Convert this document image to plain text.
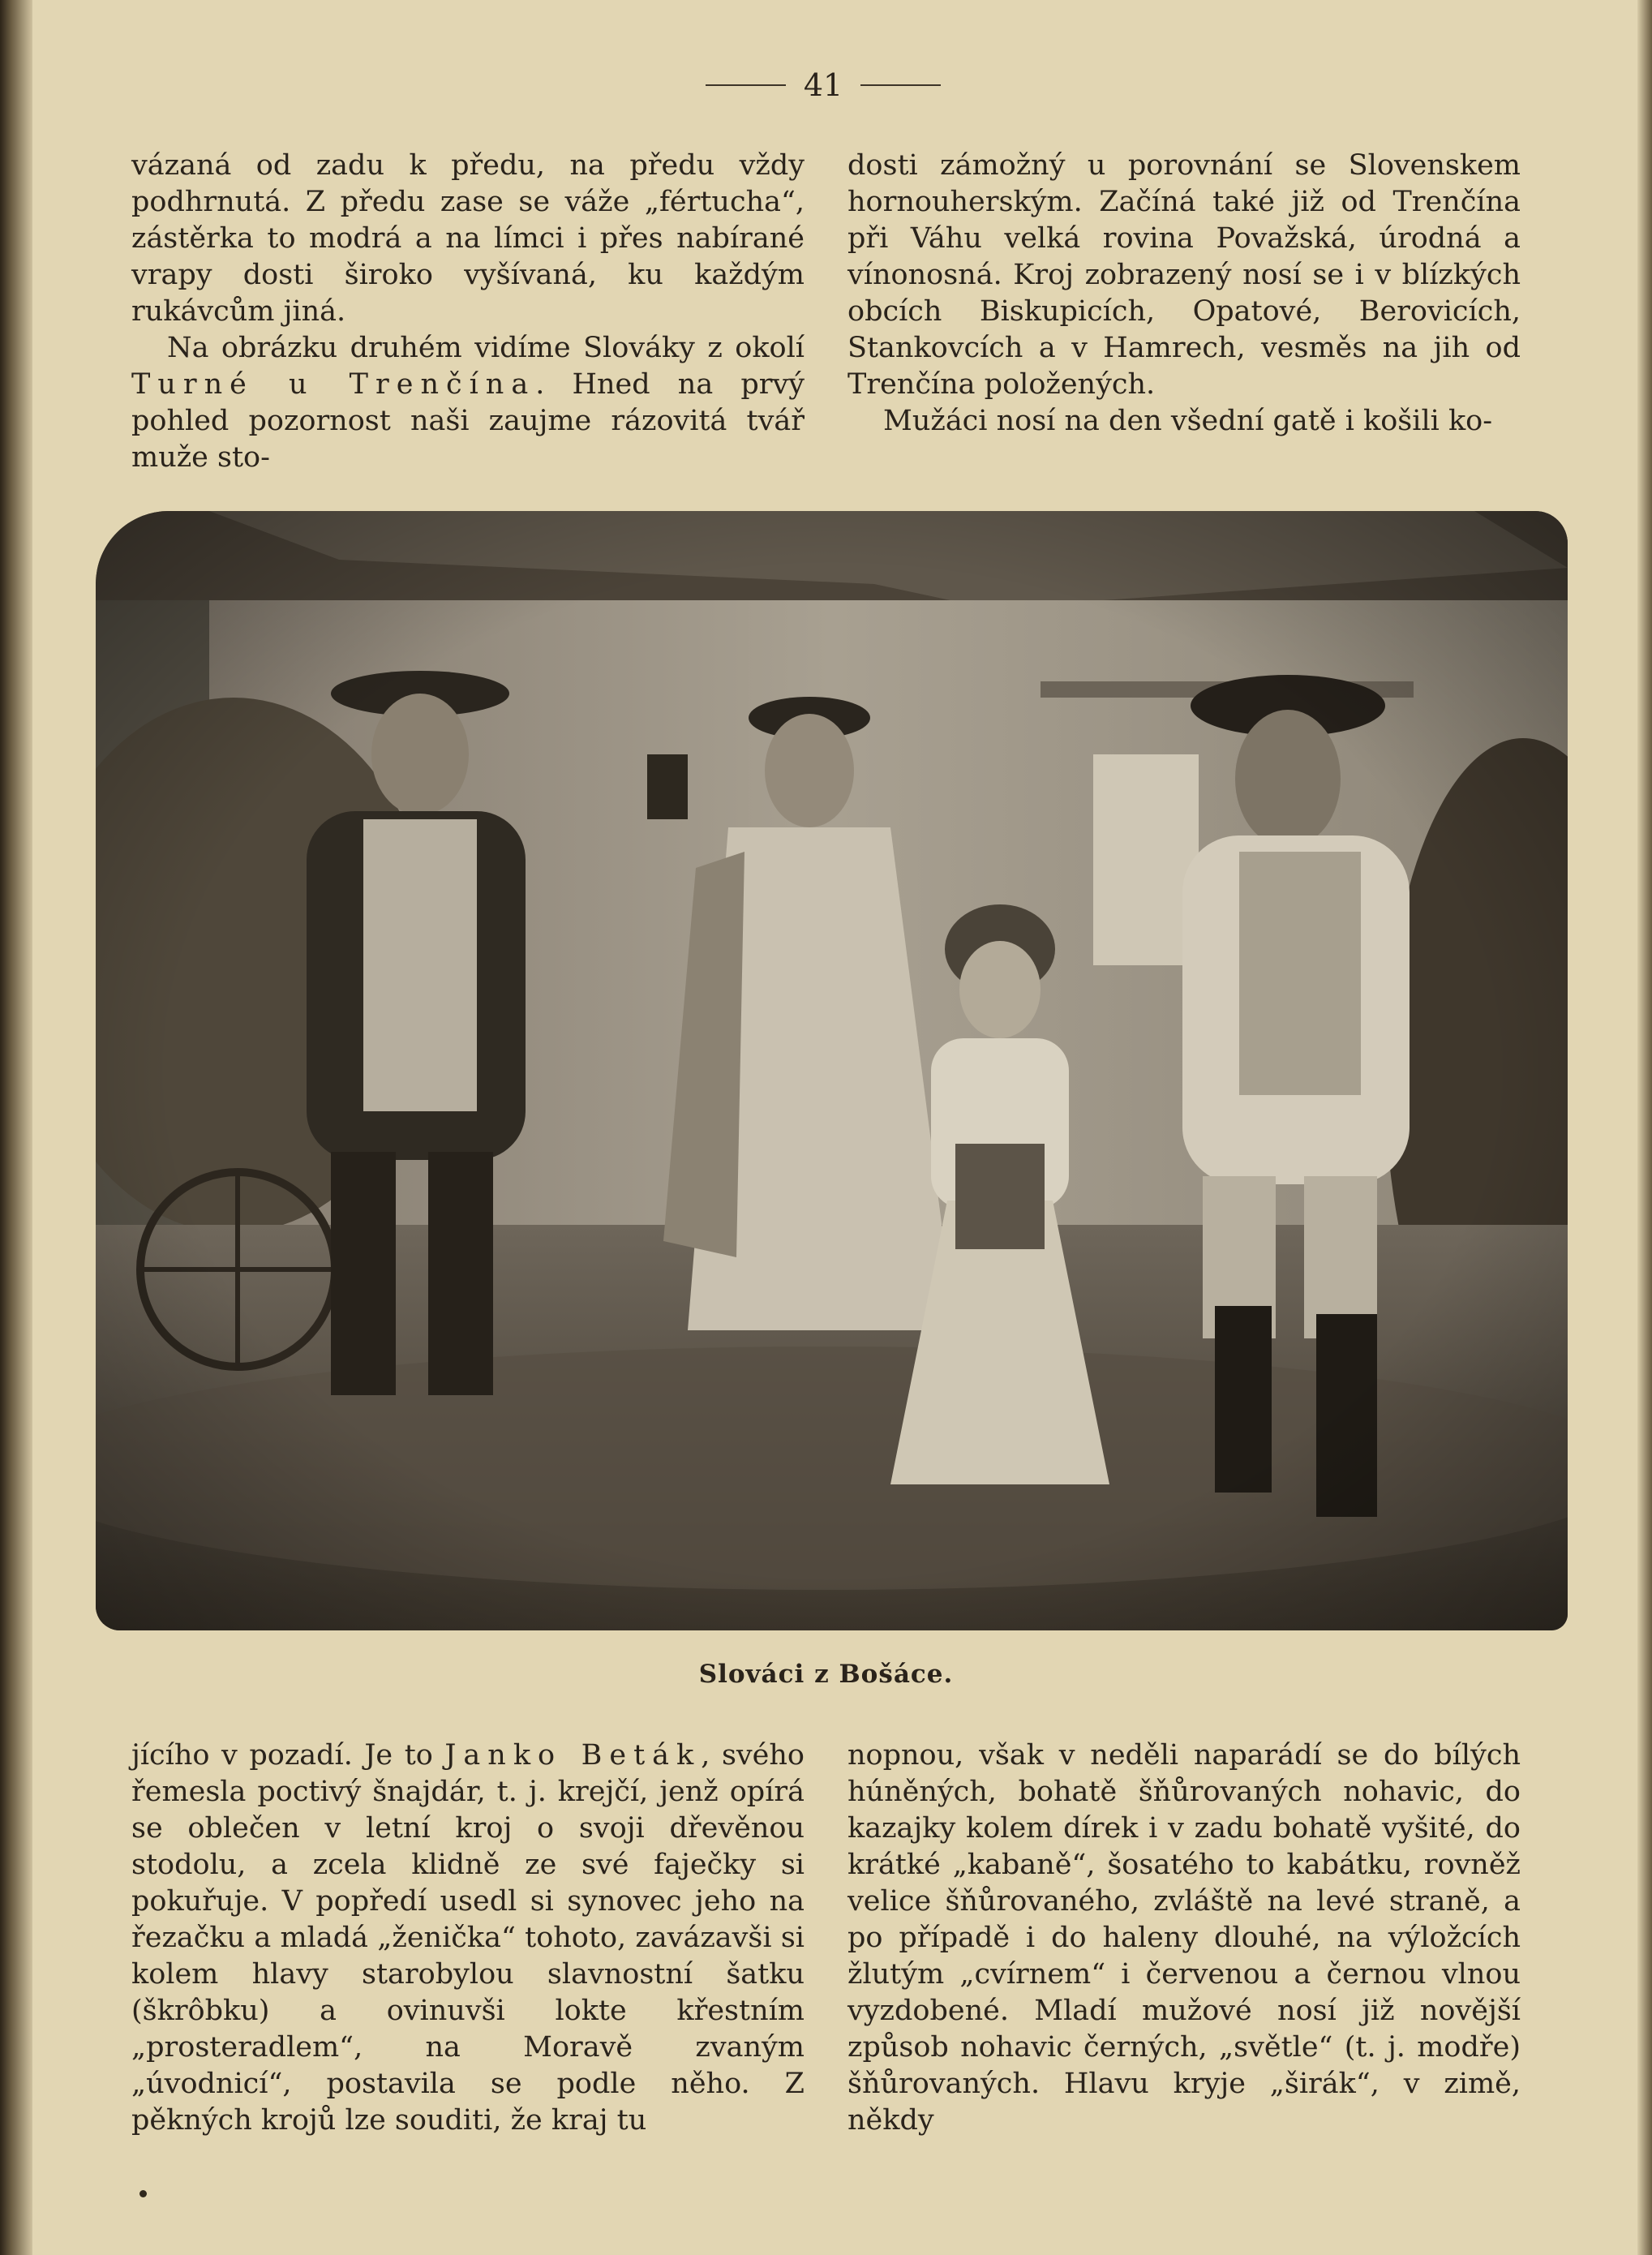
41

vázaná od zadu k předu, na předu vždy podhrnutá. Z předu zase se váže „fértucha“, zástěrka to modrá a na límci i přes nabírané vrapy dosti široko vyšívaná, ku každým rukávcům jiná.

Na obrázku druhém vidíme Slováky z okolí Turné u Trenčína. Hned na prvý pohled pozornost naši zaujme rázovitá tvář muže sto-

dosti zámožný u porovnání se Slovenskem hornouherským. Začíná také již od Trenčína při Váhu velká rovina Považská, úrodná a vínonosná. Kroj zobrazený nosí se i v blízkých obcích Biskupicích, Opatové, Berovicích, Stankovcích a v Hamrech, vesměs na jih od Trenčína položených.

Mužáci nosí na den všední gatě i košili ko-

Slováci z Bošáce.

jícího v pozadí. Je to Janko Beták, svého řemesla poctivý šnajdár, t. j. krejčí, jenž opírá se oblečen v letní kroj o svoji dřevěnou stodolu, a zcela klidně ze své faječky si pokuřuje. V popředí usedl si synovec jeho na řezačku a mladá „ženička“ tohoto, zavázavši si kolem hlavy starobylou slavnostní šatku (škrôbku) a ovinuvši lokte křestním „prosteradlem“, na Moravě zvaným „úvodnicí“, postavila se podle něho. Z pěkných krojů lze souditi, že kraj tu

nopnou, však v neděli naparádí se do bílých húněných, bohatě šňůrovaných nohavic, do kazajky kolem dírek i v zadu bohatě vyšité, do krátké „kabaně“, šosatého to kabátku, rovněž velice šňůrovaného, zvláště na levé straně, a po případě i do haleny dlouhé, na výložcích žlutým „cvírnem“ i červenou a černou vlnou vyzdobené. Mladí mužové nosí již novější způsob nohavic černých, „světle“ (t. j. modře) šňůrovaných. Hlavu kryje „širák“, v zimě, někdy
